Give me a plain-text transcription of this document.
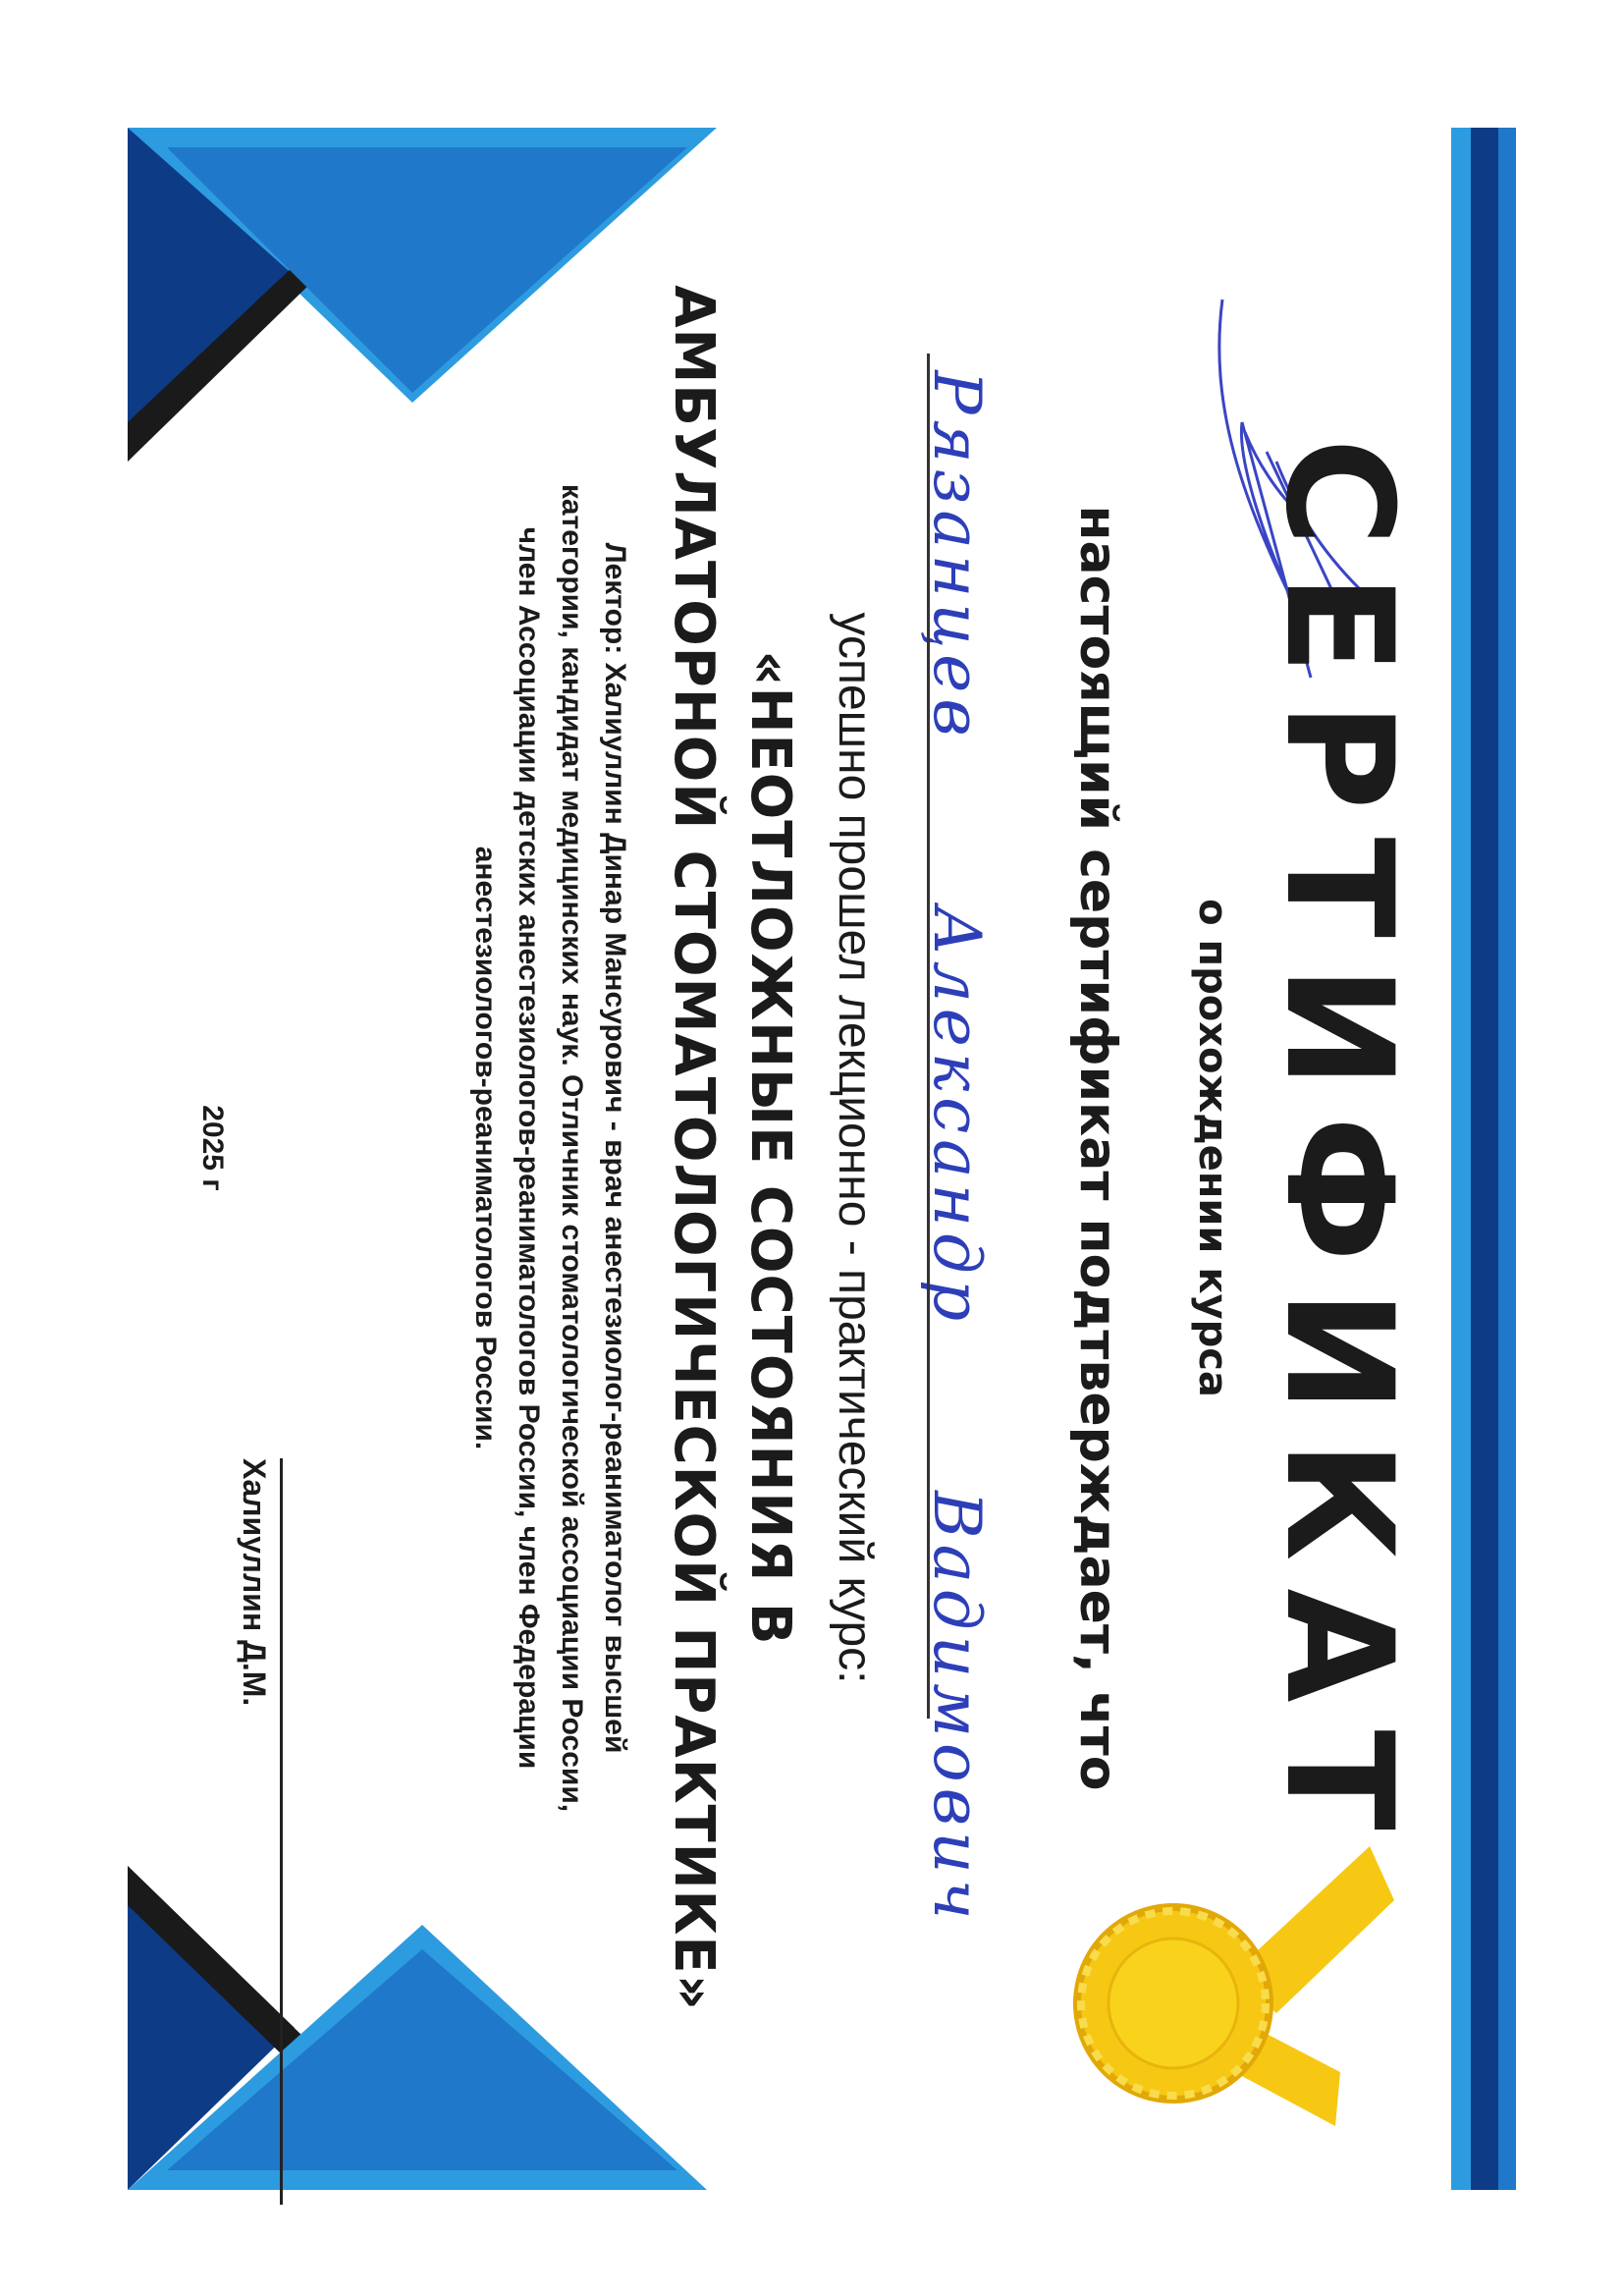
СЕРТИФИКАТ
о прохождении курса
настоящий сертификат подтверждает, что
Рязанцев Александр Вадимович
успешно прошел лекционно - практический курс:
«НЕОТЛОЖНЫЕ СОСТОЯНИЯ В
АМБУЛАТОРНОЙ СТОМАТОЛОГИЧЕСКОЙ ПРАКТИКЕ»
Лектор: Халиуллин Динар Мансурович - врач анестезиолог-реаниматолог высшей
категории, кандидат медицинских наук. Отличник стоматологической ассоциации России,
член Ассоциации детских анестезиологов-реаниматологов России, член Федерации
анестезиологов-реаниматологов России.
Халиуллин Д.М.
2025 г
